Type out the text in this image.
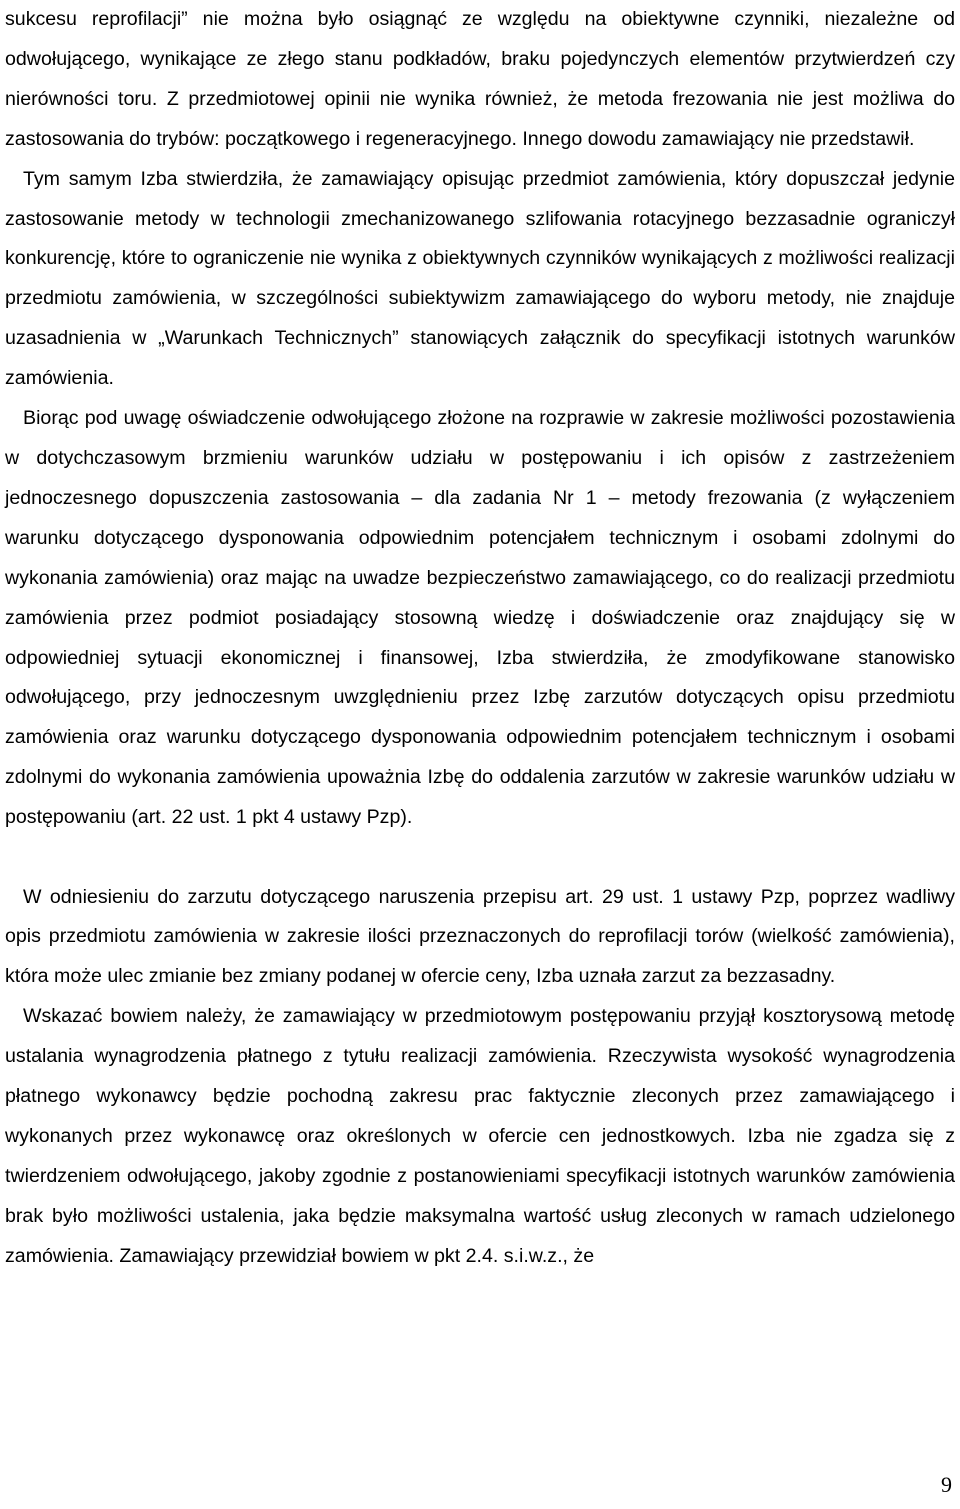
sukcesu reprofilacji” nie można było osiągnąć ze względu na obiektywne czynniki, niezależne od odwołującego, wynikające ze złego stanu podkładów, braku pojedynczych elementów przytwierdzeń czy nierówności toru. Z przedmiotowej opinii nie wynika również, że metoda frezowania nie jest możliwa do zastosowania do trybów: początkowego i regeneracyjnego. Innego dowodu zamawiający nie przedstawił.

Tym samym Izba stwierdziła, że zamawiający opisując przedmiot zamówienia, który dopuszczał jedynie zastosowanie metody w technologii zmechanizowanego szlifowania rotacyjnego bezzasadnie ograniczył konkurencję, które to ograniczenie nie wynika z obiektywnych czynników wynikających z możliwości realizacji przedmiotu zamówienia, w szczególności subiektywizm zamawiającego do wyboru metody, nie znajduje uzasadnienia w „Warunkach Technicznych” stanowiących załącznik do specyfikacji istotnych warunków zamówienia.

Biorąc pod uwagę oświadczenie odwołującego złożone na rozprawie w zakresie możliwości pozostawienia w dotychczasowym brzmieniu warunków udziału w postępowaniu i ich opisów z zastrzeżeniem jednoczesnego dopuszczenia zastosowania – dla zadania Nr 1 – metody frezowania (z wyłączeniem warunku dotyczącego dysponowania odpowiednim potencjałem technicznym i osobami zdolnymi do wykonania zamówienia) oraz mając na uwadze bezpieczeństwo zamawiającego, co do realizacji przedmiotu zamówienia przez podmiot posiadający stosowną wiedzę i doświadczenie oraz znajdujący się w odpowiedniej sytuacji ekonomicznej i finansowej, Izba stwierdziła, że zmodyfikowane stanowisko odwołującego, przy jednoczesnym uwzględnieniu przez Izbę zarzutów dotyczących opisu przedmiotu zamówienia oraz warunku dotyczącego dysponowania odpowiednim potencjałem technicznym i osobami zdolnymi do wykonania zamówienia upoważnia Izbę do oddalenia zarzutów w zakresie warunków udziału w postępowaniu (art. 22 ust. 1 pkt 4 ustawy Pzp).

W odniesieniu do zarzutu dotyczącego naruszenia przepisu art. 29 ust. 1 ustawy Pzp, poprzez wadliwy opis przedmiotu zamówienia w zakresie ilości przeznaczonych do reprofilacji torów (wielkość zamówienia), która może ulec zmianie bez zmiany podanej w ofercie ceny, Izba uznała zarzut za bezzasadny.

Wskazać bowiem należy, że zamawiający w przedmiotowym postępowaniu przyjął kosztorysową metodę ustalania wynagrodzenia płatnego z tytułu realizacji zamówienia. Rzeczywista wysokość wynagrodzenia płatnego wykonawcy będzie pochodną zakresu prac faktycznie zleconych przez zamawiającego i wykonanych przez wykonawcę oraz określonych w ofercie cen jednostkowych. Izba nie zgadza się z twierdzeniem odwołującego, jakoby zgodnie z postanowieniami specyfikacji istotnych warunków zamówienia brak było możliwości ustalenia, jaka będzie maksymalna wartość usług zleconych w ramach udzielonego zamówienia. Zamawiający przewidział bowiem w pkt 2.4. s.i.w.z., że

9
